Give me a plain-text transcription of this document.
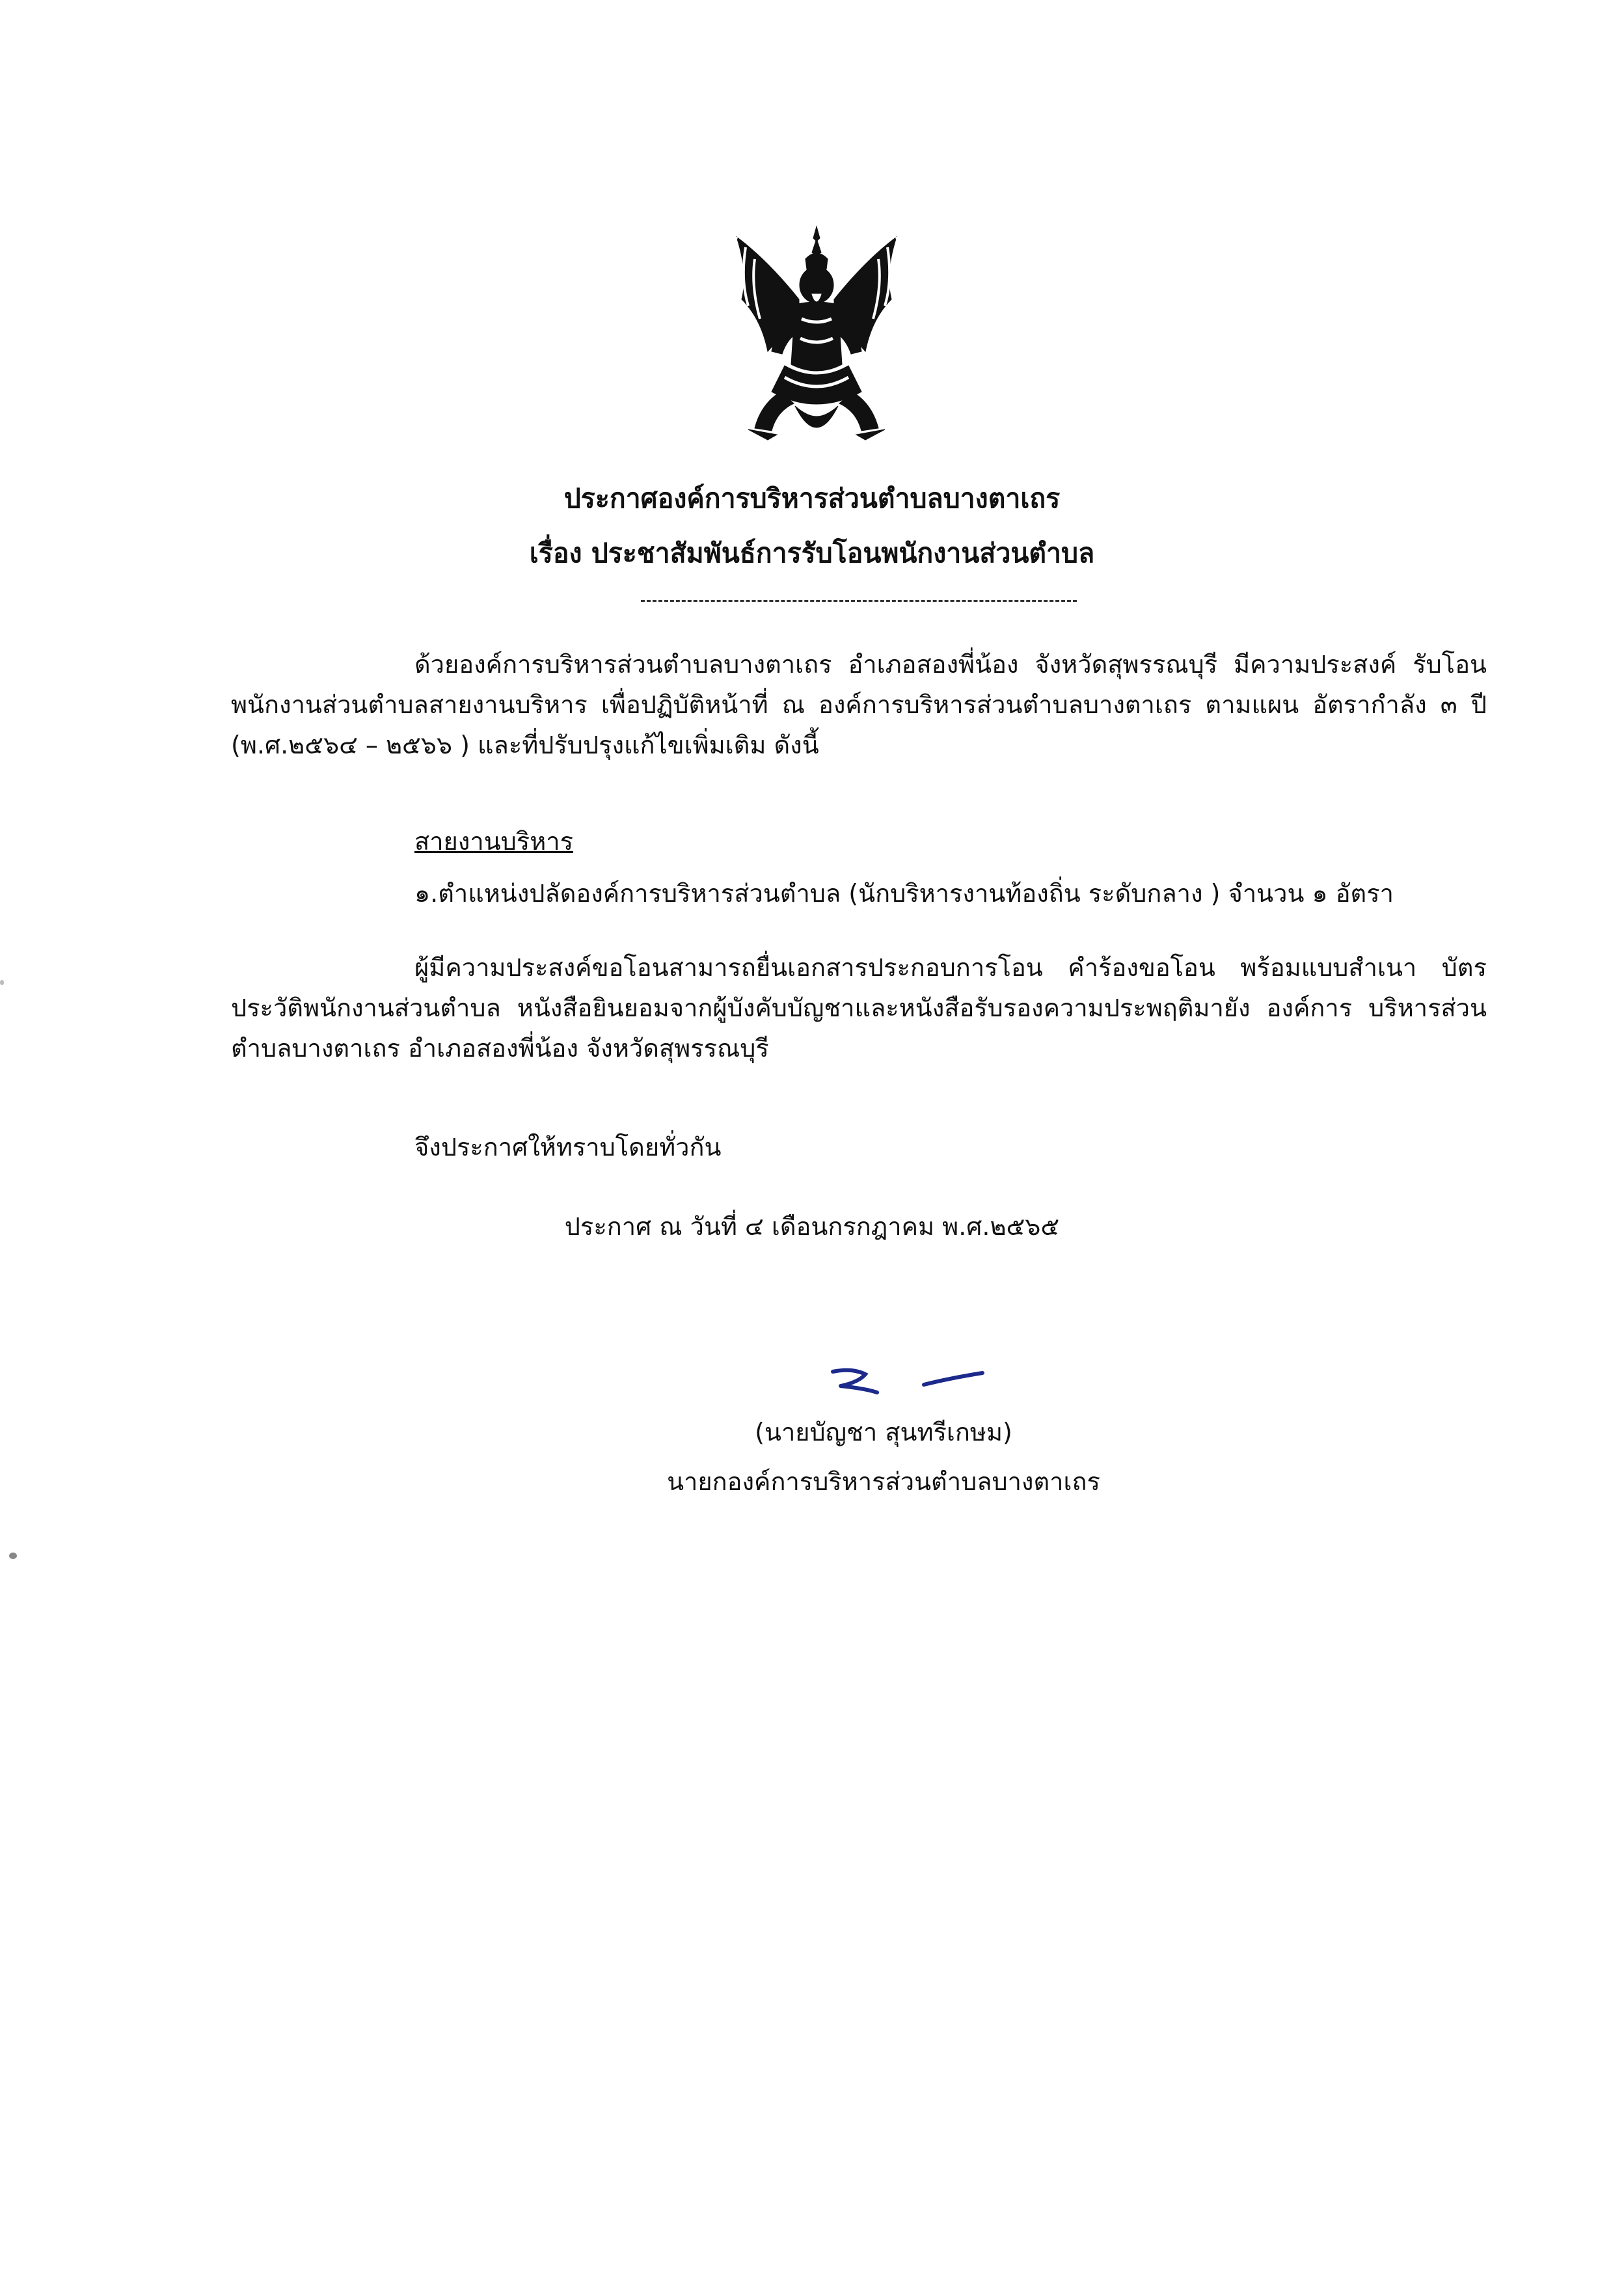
ประกาศองค์การบริหารส่วนตำบลบางตาเถร
เรื่อง ประชาสัมพันธ์การรับโอนพนักงานส่วนตำบล
ด้วยองค์การบริหารส่วนตำบลบางตาเถร อำเภอสองพี่น้อง จังหวัดสุพรรณบุรี มีความประสงค์ รับโอน พนักงานส่วนตำบลสายงานบริหาร เพื่อปฏิบัติหน้าที่ ณ องค์การบริหารส่วนตำบลบางตาเถร ตามแผน อัตรากำลัง ๓ ปี (พ.ศ.๒๕๖๔ – ๒๕๖๖ ) และที่ปรับปรุงแก้ไขเพิ่มเติม ดังนี้
สายงานบริหาร
๑.ตำแหน่งปลัดองค์การบริหารส่วนตำบล (นักบริหารงานท้องถิ่น ระดับกลาง ) จำนวน ๑ อัตรา
ผู้มีความประสงค์ขอโอนสามารถยื่นเอกสารประกอบการโอน คำร้องขอโอน พร้อมแบบสำเนา บัตรประวัติพนักงานส่วนตำบล หนังสือยินยอมจากผู้บังคับบัญชาและหนังสือรับรองความประพฤติมายัง องค์การ บริหารส่วนตำบลบางตาเถร อำเภอสองพี่น้อง จังหวัดสุพรรณบุรี
จึงประกาศให้ทราบโดยทั่วกัน
ประกาศ ณ วันที่ ๔ เดือนกรกฎาคม พ.ศ.๒๕๖๕
(นายบัญชา สุนทรีเกษม)
นายกองค์การบริหารส่วนตำบลบางตาเถร
